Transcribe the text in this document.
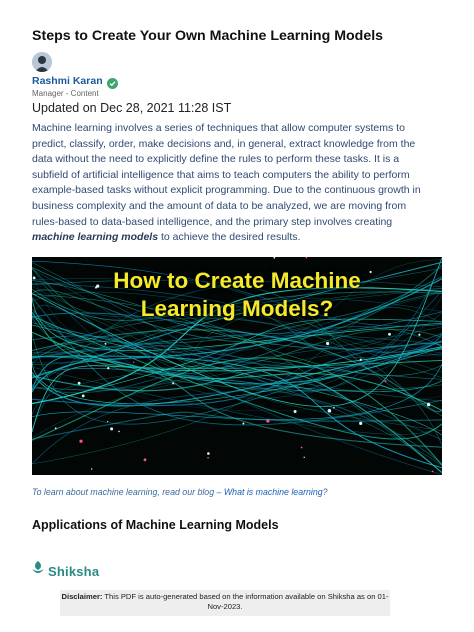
Steps to Create Your Own Machine Learning Models
Rashmi Karan
Manager - Content
Updated on Dec 28, 2021 11:28 IST
Machine learning involves a series of techniques that allow computer systems to
predict, classify, order, make decisions and, in general, extract knowledge from the
data without the need to explicitly define the rules to perform these tasks. It is a
subfield of artificial intelligence that aims to teach computers the ability to perform
example-based tasks without explicit programming. Due to the continuous growth in
business complexity and the amount of data to be analyzed, we are moving from
rules-based to data-based intelligence, and the primary step involves creating
machine learning models to achieve the desired results.
How to Create Machine
Learning Models?
To learn about machine learning, read our blog – What is machine learning?
Applications of Machine Learning Models
Shiksha
Disclaimer: This PDF is auto-generated based on the information available on Shiksha as on 01-Nov-2023.
